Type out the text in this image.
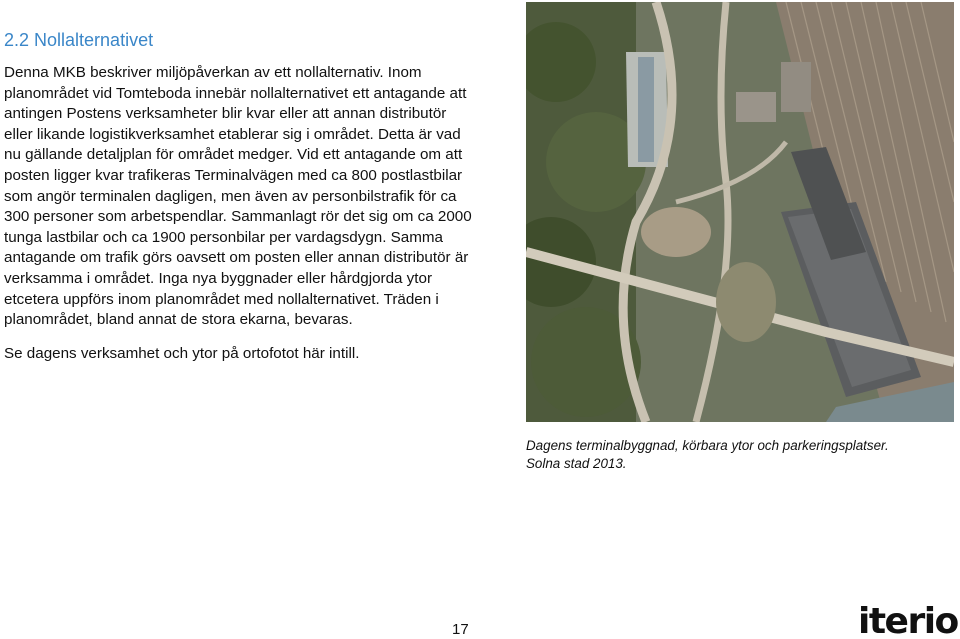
2.2 Nollalternativet

Denna MKB beskriver miljöpåverkan av ett nollalternativ. Inom planområdet vid Tomteboda innebär nollalternativet ett antagande att antingen Postens verksamheter blir kvar eller att annan distributör eller likande logistikverksamhet etablerar sig i området. Detta är vad nu gällande detaljplan för området medger. Vid ett antagande om att posten ligger kvar trafikeras Terminalvägen med ca 800 postlastbilar som angör terminalen dagligen, men även av personbilstrafik för ca 300 personer som arbetspendlar. Sammanlagt rör det sig om ca 2000 tunga lastbilar och ca 1900 personbilar per vardagsdygn. Samma antagande om trafik görs oavsett om posten eller annan distributör är verksamma i området. Inga nya byggnader eller hårdgjorda ytor etcetera uppförs inom planområdet med nollalternativet. Träden i planområdet, bland annat de stora ekarna, bevaras.

Se dagens verksamhet och ytor på ortofotot här intill.

Dagens terminalbyggnad, körbara ytor och parkeringsplatser.
Solna stad 2013.
17	iterio
